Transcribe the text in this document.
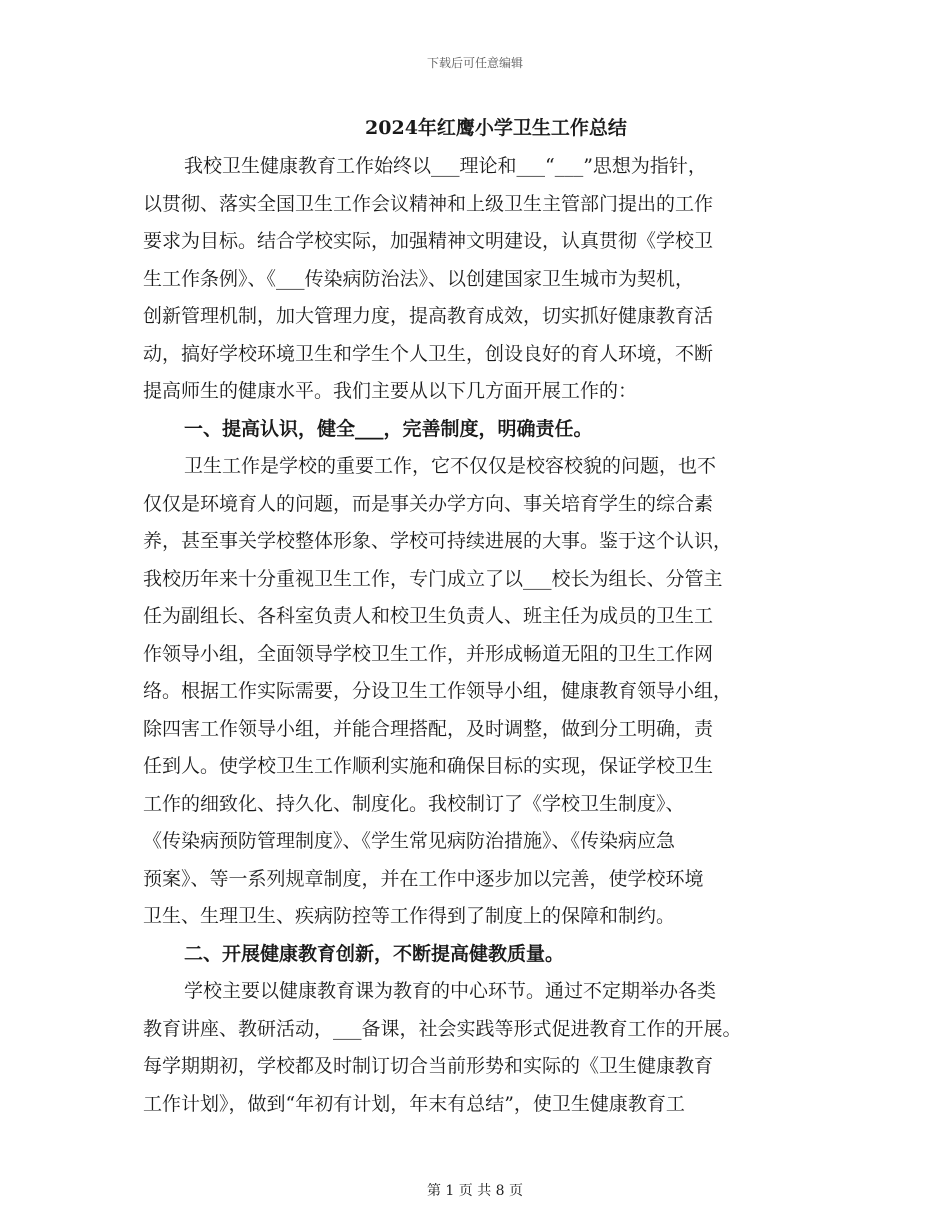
下载后可任意编辑
2024年红鹰小学卫生工作总结
我校卫生健康教育工作始终以___理论和___“___”思想为指针，
以贯彻、落实全国卫生工作会议精神和上级卫生主管部门提出的工作
要求为目标。结合学校实际，加强精神文明建设，认真贯彻《学校卫
生工作条例》、《___传染病防治法》、以创建国家卫生城市为契机，
创新管理机制，加大管理力度，提高教育成效，切实抓好健康教育活
动，搞好学校环境卫生和学生个人卫生，创设良好的育人环境，不断
提高师生的健康水平。我们主要从以下几方面开展工作的：
一、提高认识，健全___，完善制度，明确责任。
卫生工作是学校的重要工作，它不仅仅是校容校貌的问题，也不
仅仅是环境育人的问题，而是事关办学方向、事关培育学生的综合素
养，甚至事关学校整体形象、学校可持续进展的大事。鉴于这个认识，
我校历年来十分重视卫生工作，专门成立了以___校长为组长、分管主
任为副组长、各科室负责人和校卫生负责人、班主任为成员的卫生工
作领导小组，全面领导学校卫生工作，并形成畅道无阻的卫生工作网
络。根据工作实际需要，分设卫生工作领导小组，健康教育领导小组，
除四害工作领导小组，并能合理搭配，及时调整，做到分工明确，责
任到人。使学校卫生工作顺利实施和确保目标的实现，保证学校卫生
工作的细致化、持久化、制度化。我校制订了《学校卫生制度》、
《传染病预防管理制度》、《学生常见病防治措施》、《传染病应急
预案》、等一系列规章制度，并在工作中逐步加以完善，使学校环境
卫生、生理卫生、疾病防控等工作得到了制度上的保障和制约。
二、开展健康教育创新，不断提高健教质量。
学校主要以健康教育课为教育的中心环节。通过不定期举办各类
教育讲座、教研活动，___备课，社会实践等形式促进教育工作的开展。
每学期期初，学校都及时制订切合当前形势和实际的《卫生健康教育
工作计划》，做到“年初有计划，年末有总结”，使卫生健康教育工
第 1 页 共 8 页
